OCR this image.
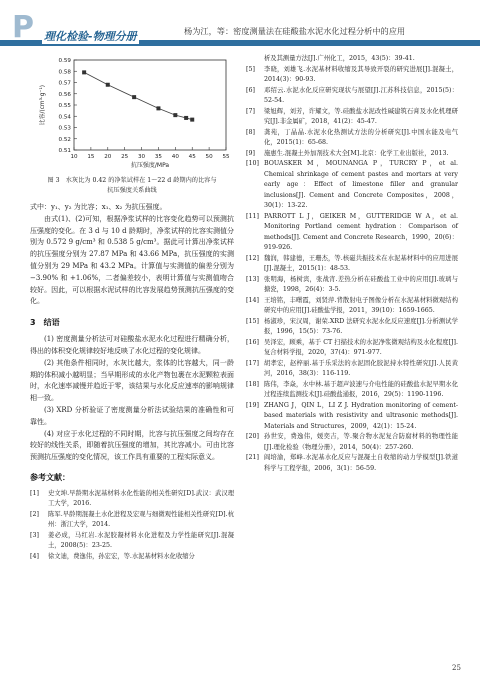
P 理化检验-物理分册	杨为江，等：密度测量法在硅酸盐水泥水化过程分析中的应用
0.51
0.52
0.53
0.54
0.55
0.56
0.57
0.58
0.59
10 15 20 25 30 35 40 45 50 55
抗压强度/MPa
比容/(cm³·g⁻¹)
图 3　水灰比为 0.42 的净浆试样在 1～22 d 龄期内的比容与
抗压强度关系曲线

式中：y₁、y₂ 为比容；x₁、x₂ 为抗压强度。

由式(1)、(2)可知，根据净浆试样的比容变化趋势可以预测抗压强度的变化。在 3 d 与 10 d 龄期时，净浆试样的比容实测值分别为 0.572 9 g/cm³ 和 0.538 5 g/cm³。据此可计算出净浆试样的抗压强度分别为 27.87 MPa 和 43.66 MPa，抗压强度的实测值分别为 29 MPa 和 43.2 MPa。计算值与实测值的偏差分别为 −3.90% 和 +1.06%，二者偏差较小，表明计算值与实测值吻合较好。因此，可以根据水泥试样的比容发展趋势预测抗压强度的变化。

3　结语

(1) 密度测量分析法可对硅酸盐水泥水化过程进行精确分析，得出的体积变化规律较好地反映了水化过程的变化规律。

(2) 其他条件相同时，水灰比越大，浆体的比容越大，同一龄期的体积减小越明显；当早期形成的水化产物包裹在水泥颗粒表面时，水化速率减慢并趋近于零，该结果与水化反应速率的影响规律相一致。

(3) XRD 分析验证了密度测量分析法试验结果的准确性和可靠性。

(4) 对应于水化过程的不同时期，比容与抗压强度之间均存在较好的线性关系，即随着抗压强度的增加，其比容减小。可由比容预测抗压强度的变化情况，该工作具有重要的工程实际意义。

参考文献：
[1] 史文坤.早龄期水泥基材料水化性能的相关性研究[D].武汉：武汉理工大学，2016.
[2] 陈军.早龄期混凝土水化进程及宏观与细微观性能相关性研究[D].杭州：浙江大学，2014.
[3] 姜必成，马红岩.水泥胶凝材料水化进程及力学性能研究[J].混凝土，2008(5)：23-25.
[4] 徐文迪，费逸伟，孙宏宏，等.水泥基材料水化收缩分
析及其测量方法[J].广州化工，2015，43(5)：39-41.
[5] 李晓，刘雄飞.水泥基材料收缩及其导致开裂的研究进展[J].混凝土，2014(3)：90-93.
[6] 邓绍云.水泥水化反应研究现状与展望[J].江苏科技信息，2015(5)：52-54.
[7] 梁旭辉，刘芳，许耀文，等.硅酸盐水泥改性碱建筑石膏及水化机理研究[J].非金属矿，2018，41(2)：45-47.
[8] 龚苑，丁晶晶.水泥水化热测试方法的分析研究[J].中国水能及电气化，2015(1)：65-68.
[9] 施惠生.混凝土外加剂技术大全[M].北京：化学工业出版社，2013.
[10] BOUASKER M，MOUNANGA P，TURCRY P，et al. Chemical shrinkage of cement pastes and mortars at very early age：Effect of limestone filler and granular inclusions[J]. Cement and Concrete Composites，2008，30(1)：13-22.
[11] PARROTT L J，GEIKER M，GUTTERIDGE W A，et al. Monitoring Portland cement hydration：Comparison of methods[J]. Cement and Concrete Research，1990，20(6)：919-926.
[12] 魏润，韩建德，王珊杰，等.核磁共振技术在水泥基材料中的应用进展[J].混凝土，2015(1)：48-53.
[13] 张明海，杨树宾，张战宵.差热分析在硅酸盐工业中的应用[J].玻璃与搪瓷，1998，26(4)：3-5.
[14] 王培铭，丰曙霞，刘贤萍.背散射电子图像分析在水泥基材料微观结构研究中的应用[J].硅酸盐学报，2011，39(10)：1659-1665.
[15] 杨淑珍，宋汉周，谢荣.XRD 法研究水泥水化反应速度[J].分析测试学报，1996，15(5)：73-76.
[16] 吴泽宏，顾乘，基于 CT 扫描技术的水泥净浆微观结构及水化程度[J].复合材料学报，2020，37(4)：971-977.
[17] 胡孝宏，赵梓丽.基于乐采法的水泥固化胶泥持水特性研究[J].人民黄河，2016，38(3)：116-119.
[18] 陈伟，李焱，水中林.基于超声波速与介电性能的硅酸盐水泥早期水化过程连续监测技术[J].硅酸盐通报，2016，29(5)：1190-1196.
[19] ZHANG J，QIN L，LI Z J. Hydration monitoring of cement-based materials with resistivity and ultrasonic methods[J]. Materials and Structures，2009，42(1)：15-24.
[20] 孙世安，费逸伟，媛奕吉，等.聚合物水泥复合防腐材料的物理性能[J].理化检验（物理分册），2014，50(4)：257-260.
[21] 阎培渝，郑峰.水泥基水化反应与混凝土自收缩的动力学模型[J].铁道科学与工程学报，2006，3(1)：56-59.
25
